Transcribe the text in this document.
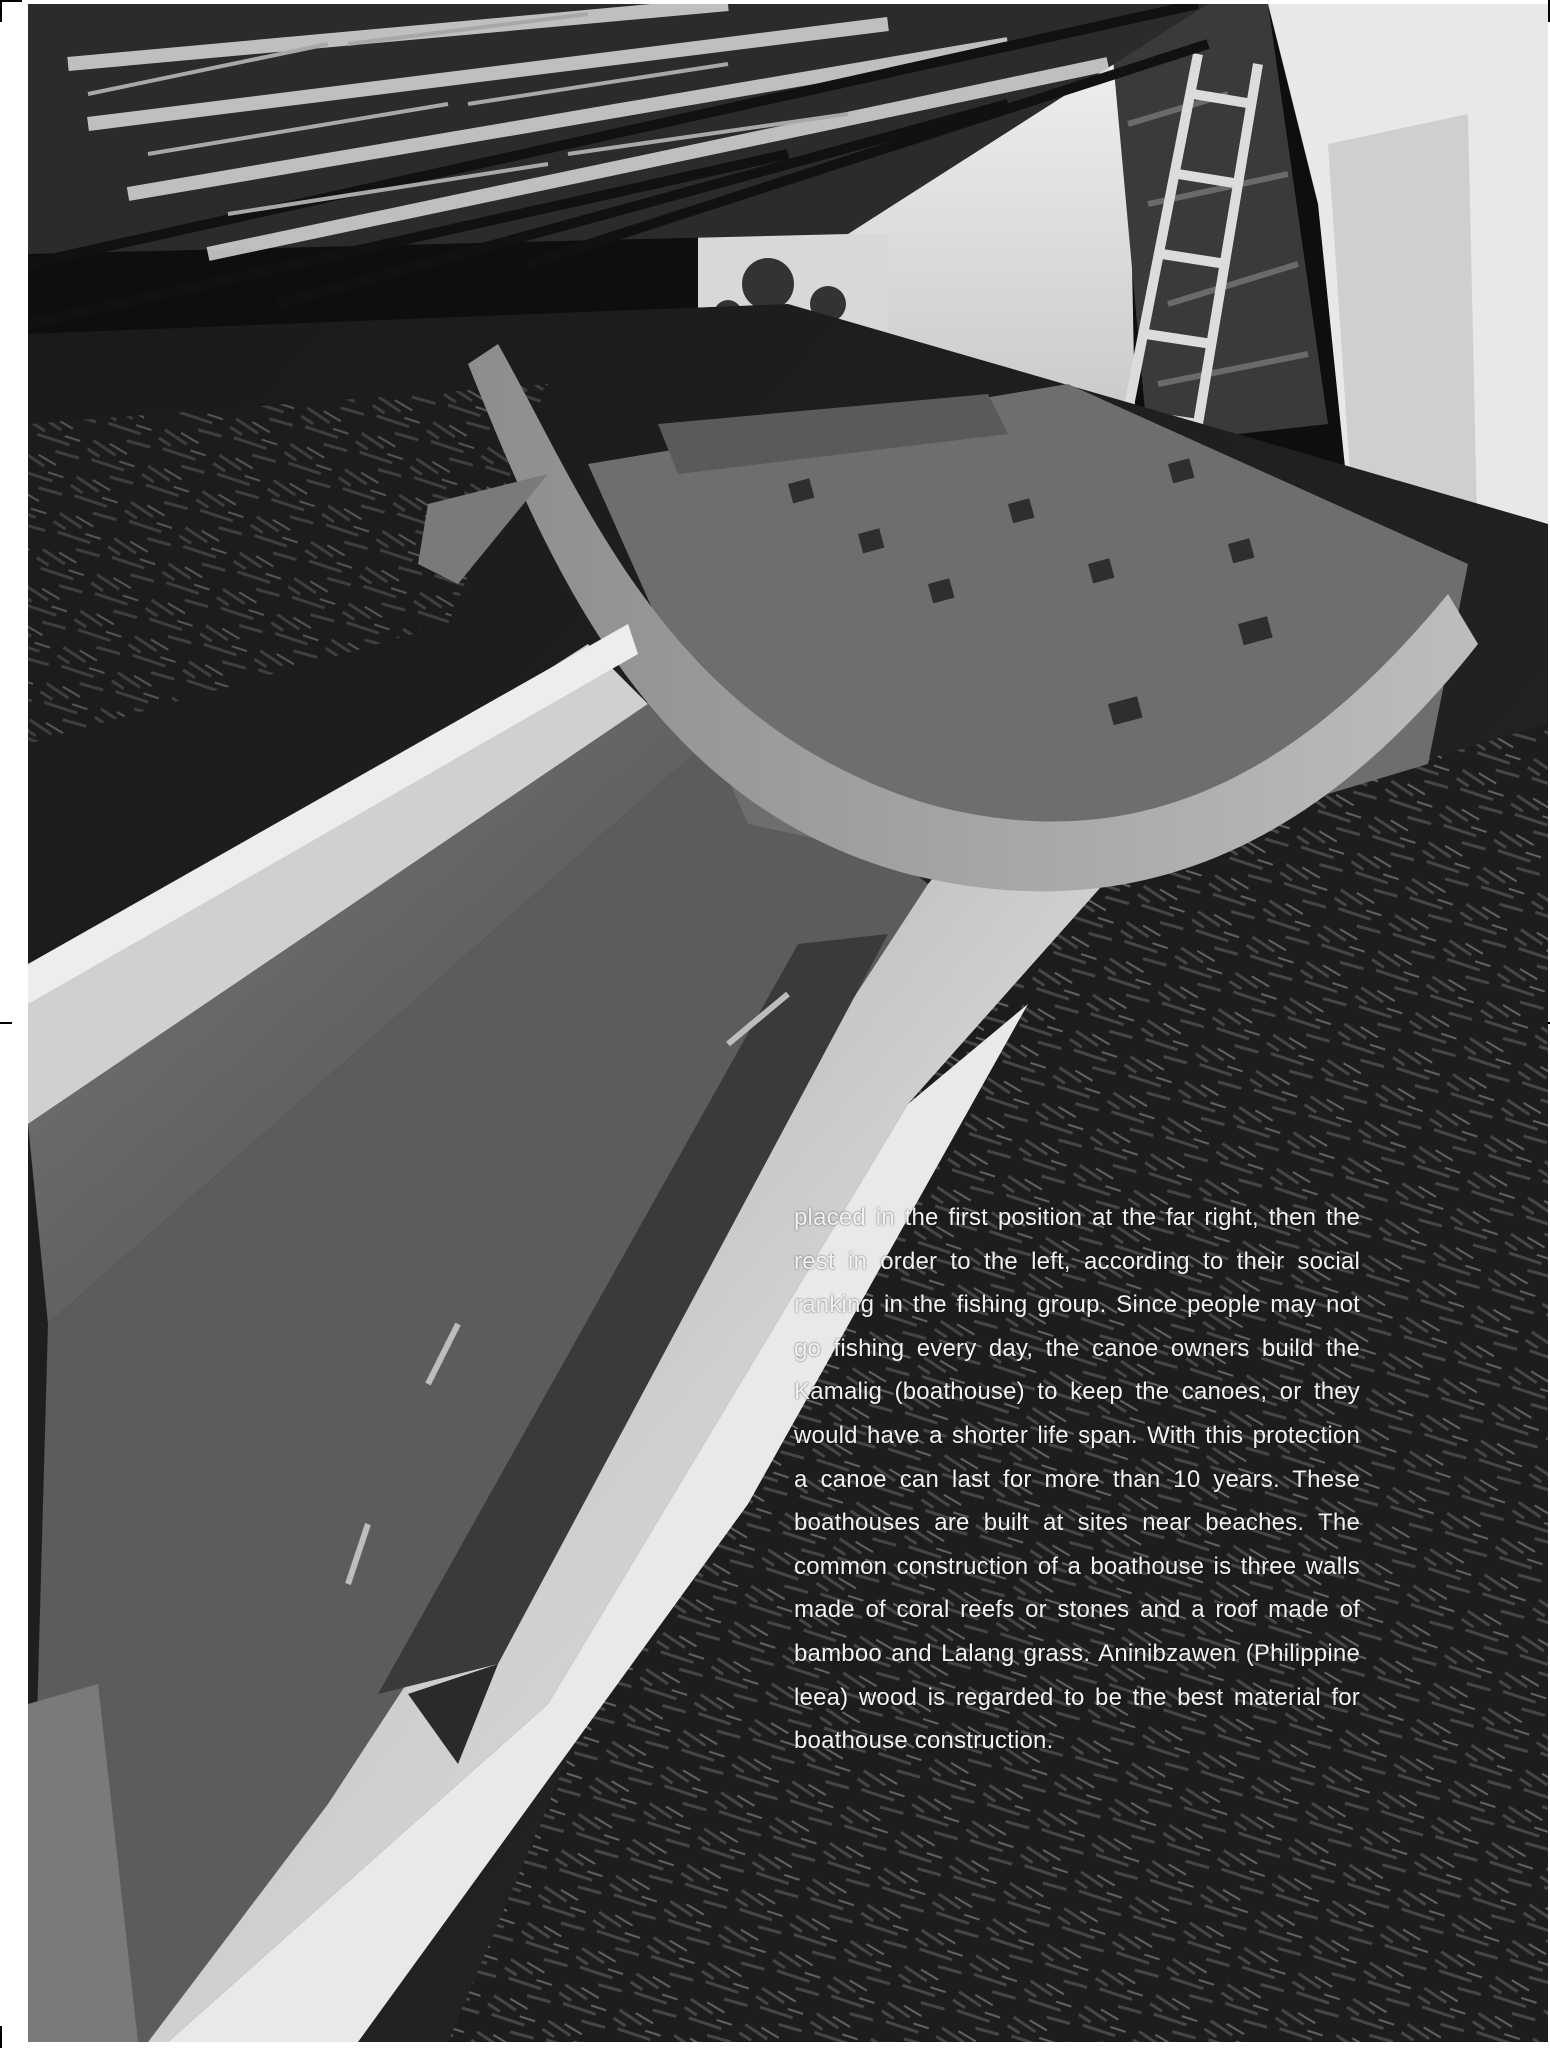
placed in the first position at the far right, then the rest in order to the left, according to their social ranking in the fishing group. Since people may not go fishing every day, the canoe owners build the Kamalig (boathouse) to keep the canoes, or they would have a shorter life span. With this protection a canoe can last for more than 10 years. These boathouses are built at sites near beaches. The common construction of a boathouse is three walls made of coral reefs or stones and a roof made of bamboo and Lalang grass. Aninibzawen (Philippine leea) wood is regarded to be the best material for boathouse construction.
